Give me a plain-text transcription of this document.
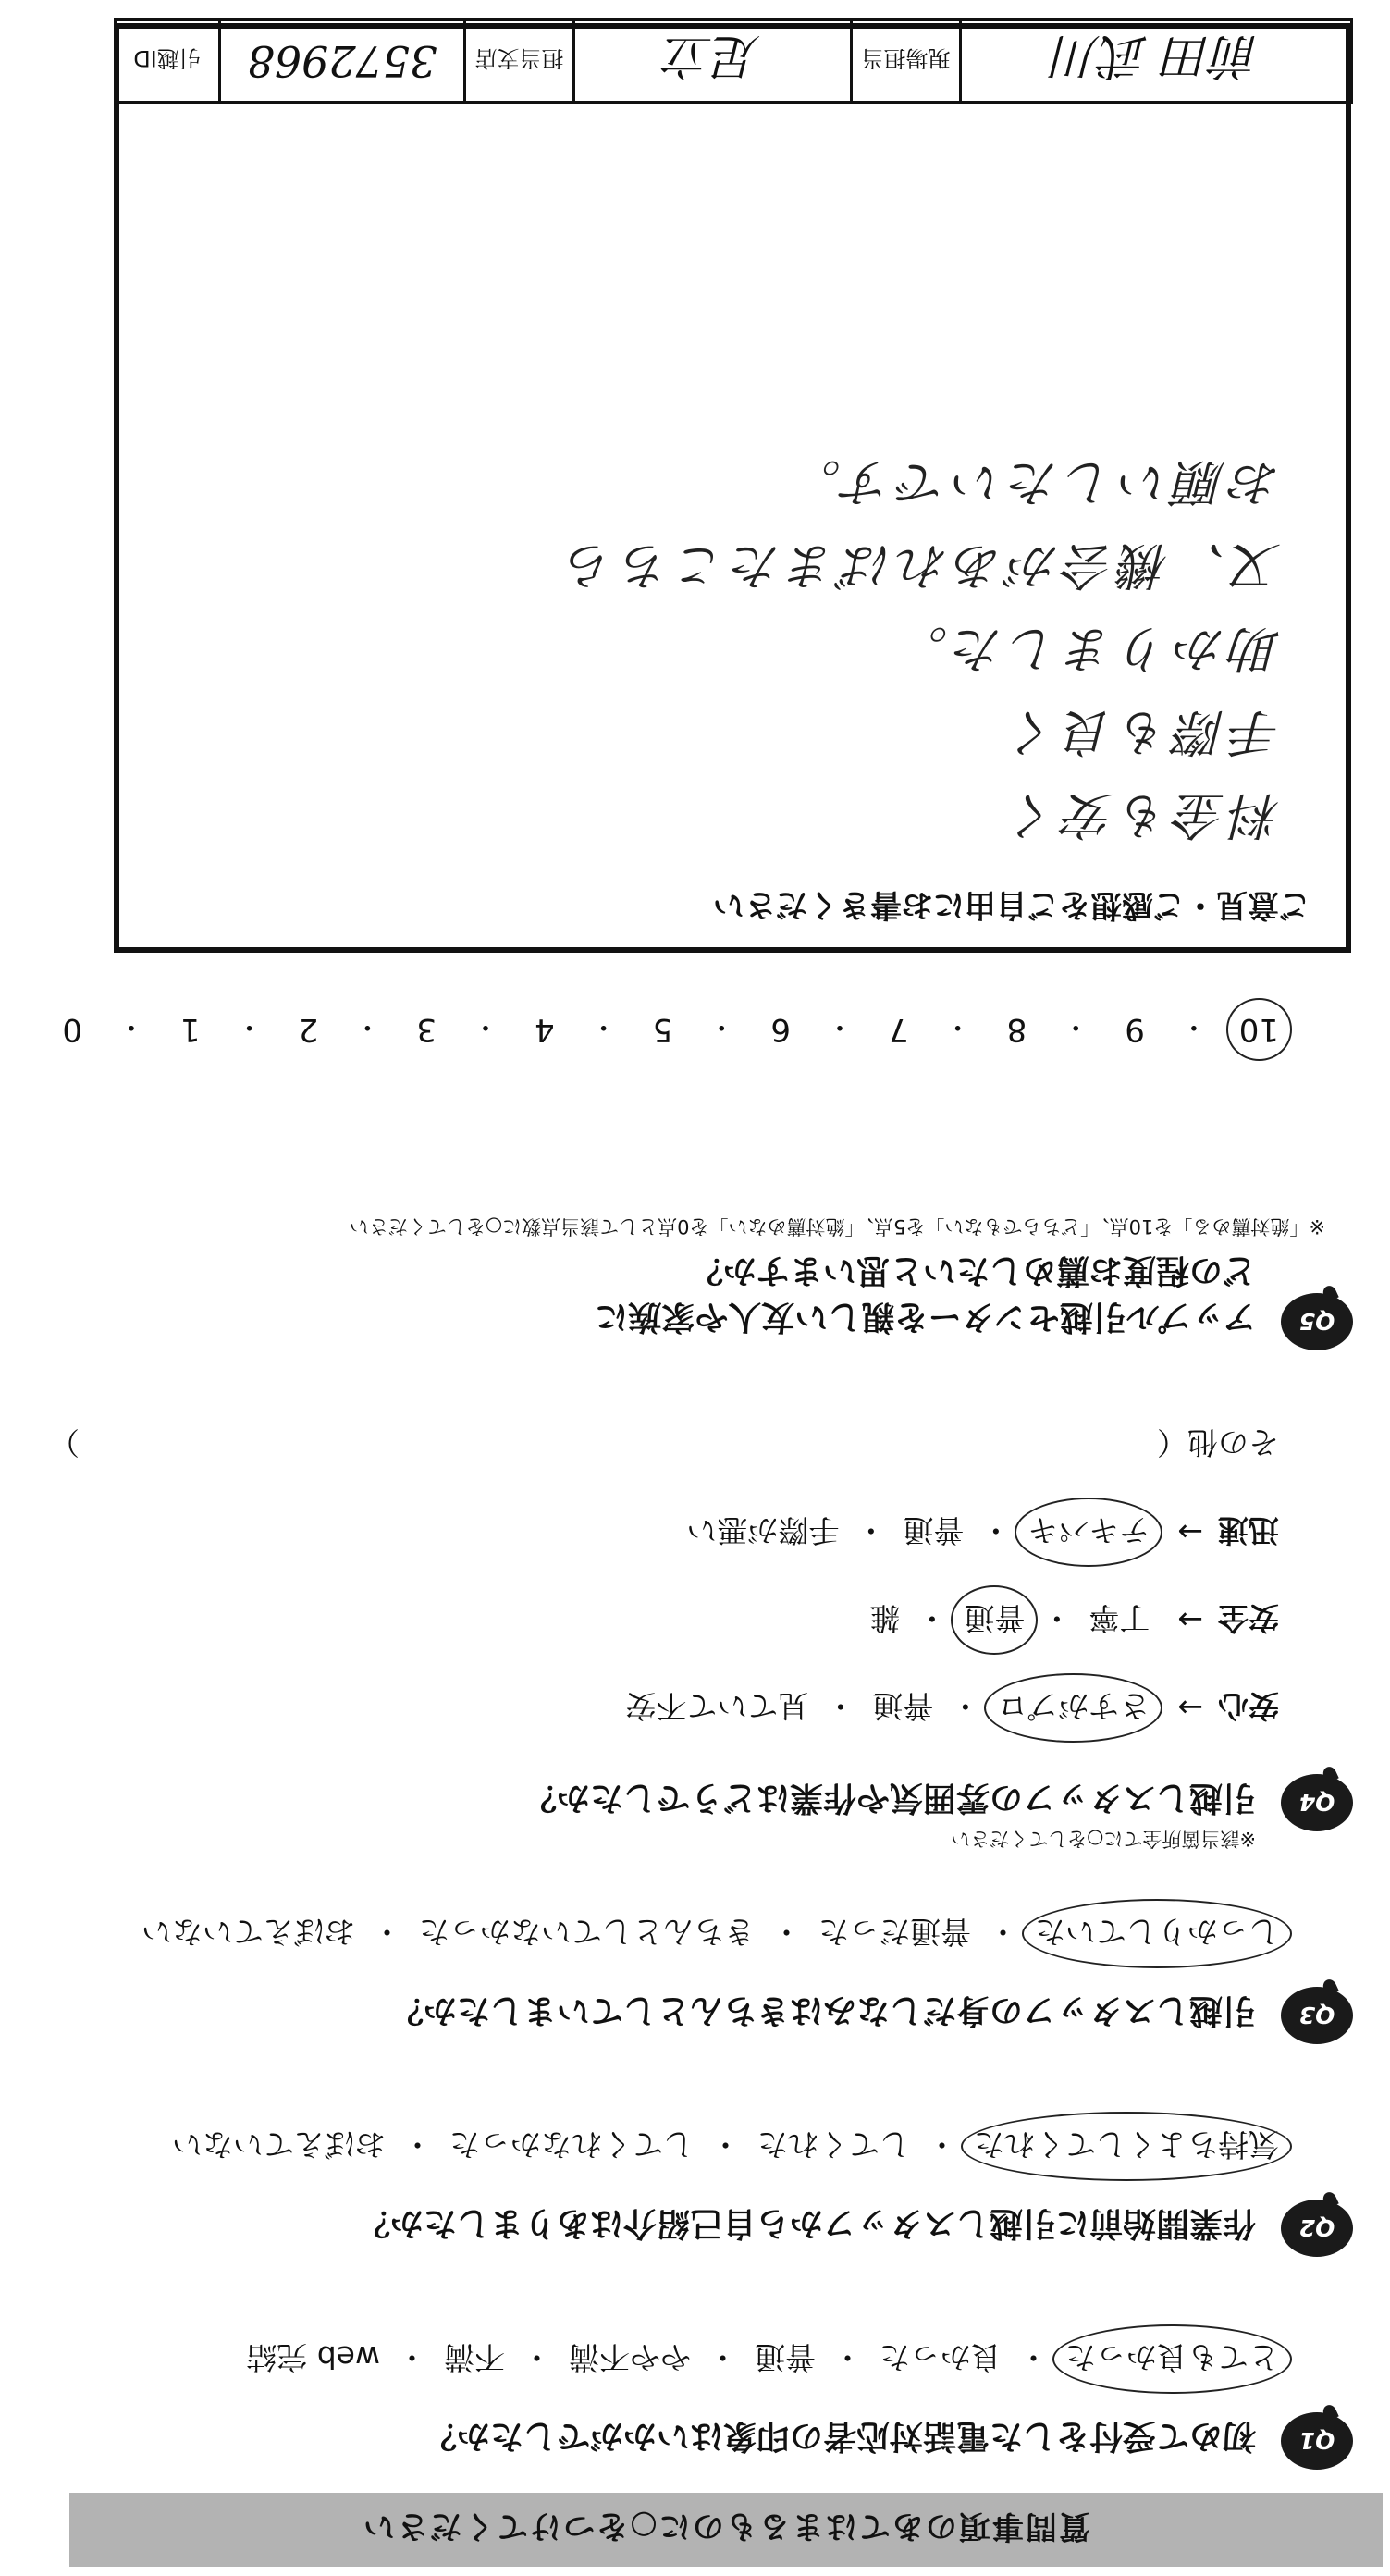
質問事項のあてはまるものに○をつけてください
Q1
初めて受付をした電話対応者の印象はいかがでしたか？
とても良かった
・
良かった
・
普通
・
やや不満
・
不満
・
web 完結
Q2
作業開始前に引越しスタッフから自己紹介はありましたか？
気持ちよくしてくれた
・
してくれた
・
してくれなかった
・
おぼえていない
Q3
引越しスタッフの身だしなみはきちんとしていましたか？
しっかりしていた
・
普通だった
・
きちんとしていなかった
・
おぼえていない
Q4
引越しスタッフの雰囲気や作業はどうでしたか？
※該当箇所全てに○をしてください
安心
→
さすがプロ
・
普通
・
見ていて不安
安全
→
丁寧
・
普通
・
雑
迅速
→
テキパキ
・
普通
・
手際が悪い
その他（
）
Q5
アップル引越センターを親しい友人や家族に
どの程度お薦めしたいと思いますか？
※「絶対薦める」を10点、「どちらでもない」を5点、「絶対薦めない」を0点として該当点数に○をしてください
10
・
9
・
8
・
7
・
6
・
5
・
4
・
3
・
2
・
1
・
0
ご意見・ご感想をご自由にお書きください
料金も安く
手際も良く
助かりました。
又、機会があればまたこちら
お願いしたいです。
前田 武川
現場担当
足立
担当支店
3572968
引越ID
